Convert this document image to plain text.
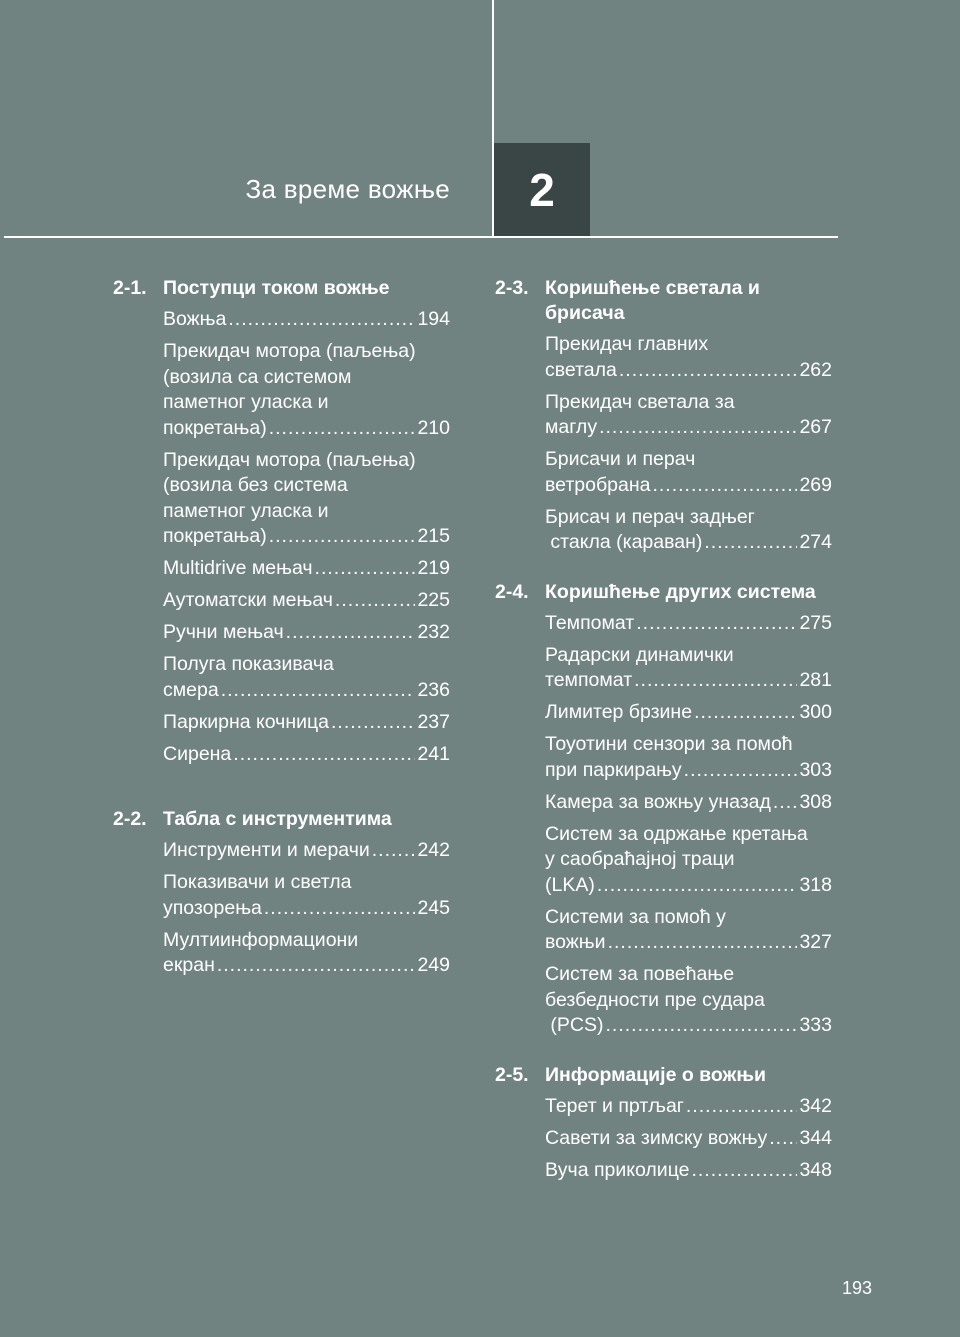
За време вожње 2
2-1. Поступци током вожње
Вожња .....	194
Прекидач мотора (паљења)
(возила са системом
паметног уласка и
покретања) .....	210
Прекидач мотора (паљења)
(возила без система
паметног уласка и
покретања) .....	215
Multidrive мењач .....	219
Аутоматски мењач .....	225
Ручни мењач .....	232
Полуга показивача
смера .....	236
Паркирна кочница .....	237
Сирена .....	241
2-2. Табла с инструментима
Инструменти и мерачи ..... 242
Показивачи и светла
упозорења .....	245
Мултиинформациони
екран .....	249
2-3. Коришћење светала и брисача
Прекидач главних
светала .....	262
Прекидач светала за
маглу .....	267
Брисачи и перач
ветробрана .....	269
Брисач и перач задњег
стакла (караван) .....	274
2-4. Коришћење других система
Темпомат .....	275
Радарски динамички
темпомат .....	281
Лимитер брзине .....	300
Тоуотини сензори за помоћ
при паркирању .....	303
Камера за вожњу уназад ..... 308
Систем за одржање кретања
у саобраћајној траци
(LKA) .....	318
Системи за помоћ у
вожњи .....	327
Систем за повећање
безбедности пре судара
(PCS) .....	333
2-5. Информације о вожњи
Терет и пртљаг .....	342
Савети за зимску вожњу ..... 344
Вуча приколице .....	348
193
